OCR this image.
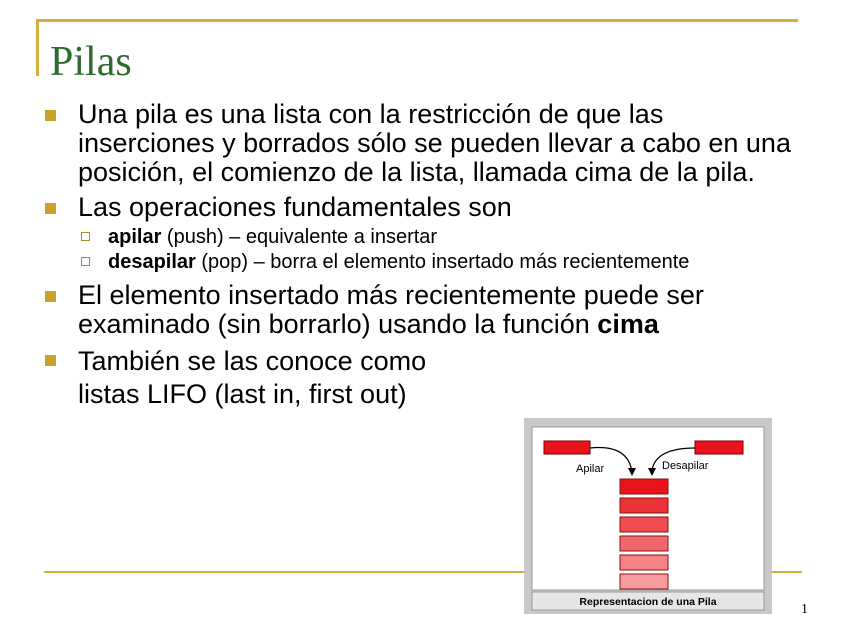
Pilas
Una pila es una lista con la restricción de que las inserciones y borrados sólo se pueden llevar a cabo en una posición, el comienzo de la lista, llamada cima de la pila.
Las operaciones fundamentales son
apilar (push) – equivalente a insertar
desapilar (pop) – borra el elemento insertado más recientemente
El elemento insertado más recientemente puede ser examinado (sin borrarlo) usando la función cima
También se las conoce como
listas LIFO (last in, first out)
Apilar	Desapilar
Representacion de una Pila	1
